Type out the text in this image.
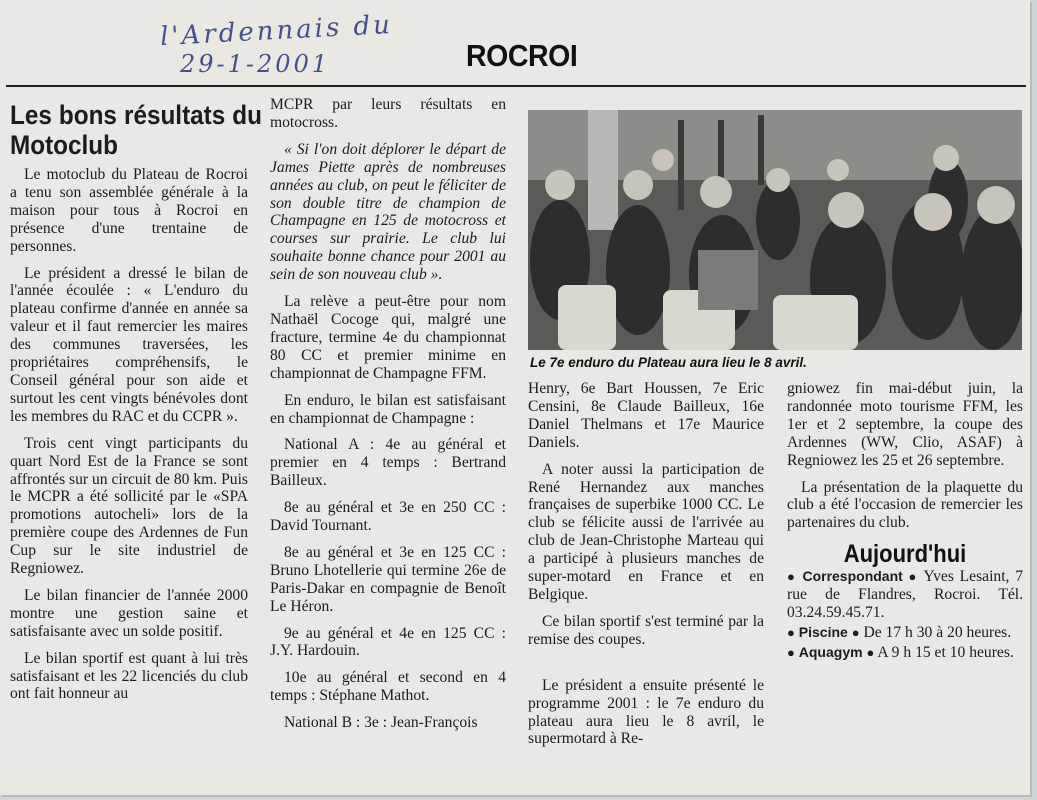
l'Ardennais du
29-1-2001	ROCROI
Les bons résultats du Motoclub

Le motoclub du Plateau de Rocroi a tenu son assemblée générale à la maison pour tous à Rocroi en présence d'une trentaine de personnes.

Le président a dressé le bilan de l'année écoulée : « L'enduro du plateau confirme d'année en année sa valeur et il faut remercier les maires des communes traversées, les propriétaires compréhensifs, le Conseil général pour son aide et surtout les cent vingts bénévoles dont les membres du RAC et du CCPR ».

Trois cent vingt participants du quart Nord Est de la France se sont affrontés sur un circuit de 80 km. Puis le MCPR a été sollicité par le «SPA promotions autocheli» lors de la première coupe des Ardennes de Fun Cup sur le site industriel de Regniowez.

Le bilan financier de l'année 2000 montre une gestion saine et satisfaisante avec un solde positif.

Le bilan sportif est quant à lui très satisfaisant et les 22 licenciés du club ont fait honneur au

MCPR par leurs résultats en motocross.

« Si l'on doit déplorer le départ de James Piette après de nombreuses années au club, on peut le féliciter de son double titre de champion de Champagne en 125 de motocross et courses sur prairie. Le club lui souhaite bonne chance pour 2001 au sein de son nouveau club ».

La relève a peut-être pour nom Nathaël Cocoge qui, malgré une fracture, termine 4e du championnat 80 CC et premier minime en championnat de Champagne FFM.

En enduro, le bilan est satisfaisant en championnat de Champagne :

National A : 4e au général et premier en 4 temps : Bertrand Bailleux.

8e au général et 3e en 250 CC : David Tournant.

8e au général et 3e en 125 CC : Bruno Lhotellerie qui termine 26e de Paris-Dakar en compagnie de Benoît Le Héron.

9e au général et 4e en 125 CC : J.Y. Hardouin.

10e au général et second en 4 temps : Stéphane Mathot.

National B : 3e : Jean-François

Le 7e enduro du Plateau aura lieu le 8 avril.

Henry, 6e Bart Houssen, 7e Eric Censini, 8e Claude Bailleux, 16e Daniel Thelmans et 17e Maurice Daniels.

A noter aussi la participation de René Hernandez aux manches françaises de superbike 1000 CC. Le club se félicite aussi de l'arrivée au club de Jean-Christophe Marteau qui a participé à plusieurs manches de super-motard en France et en Belgique.

Ce bilan sportif s'est terminé par la remise des coupes.

Le président a ensuite présenté le programme 2001 : le 7e enduro du plateau aura lieu le 8 avril, le supermotard à Re-

gniowez fin mai-début juin, la randonnée moto tourisme FFM, les 1er et 2 septembre, la coupe des Ardennes (WW, Clio, ASAF) à Regniowez les 25 et 26 septembre.

La présentation de la plaquette du club a été l'occasion de remercier les partenaires du club.

Aujourd'hui

● Correspondant ● Yves Lesaint, 7 rue de Flandres, Rocroi. Tél. 03.24.59.45.71.

● Piscine ● De 17 h 30 à 20 heures.

● Aquagym ● A 9 h 15 et 10 heures.
